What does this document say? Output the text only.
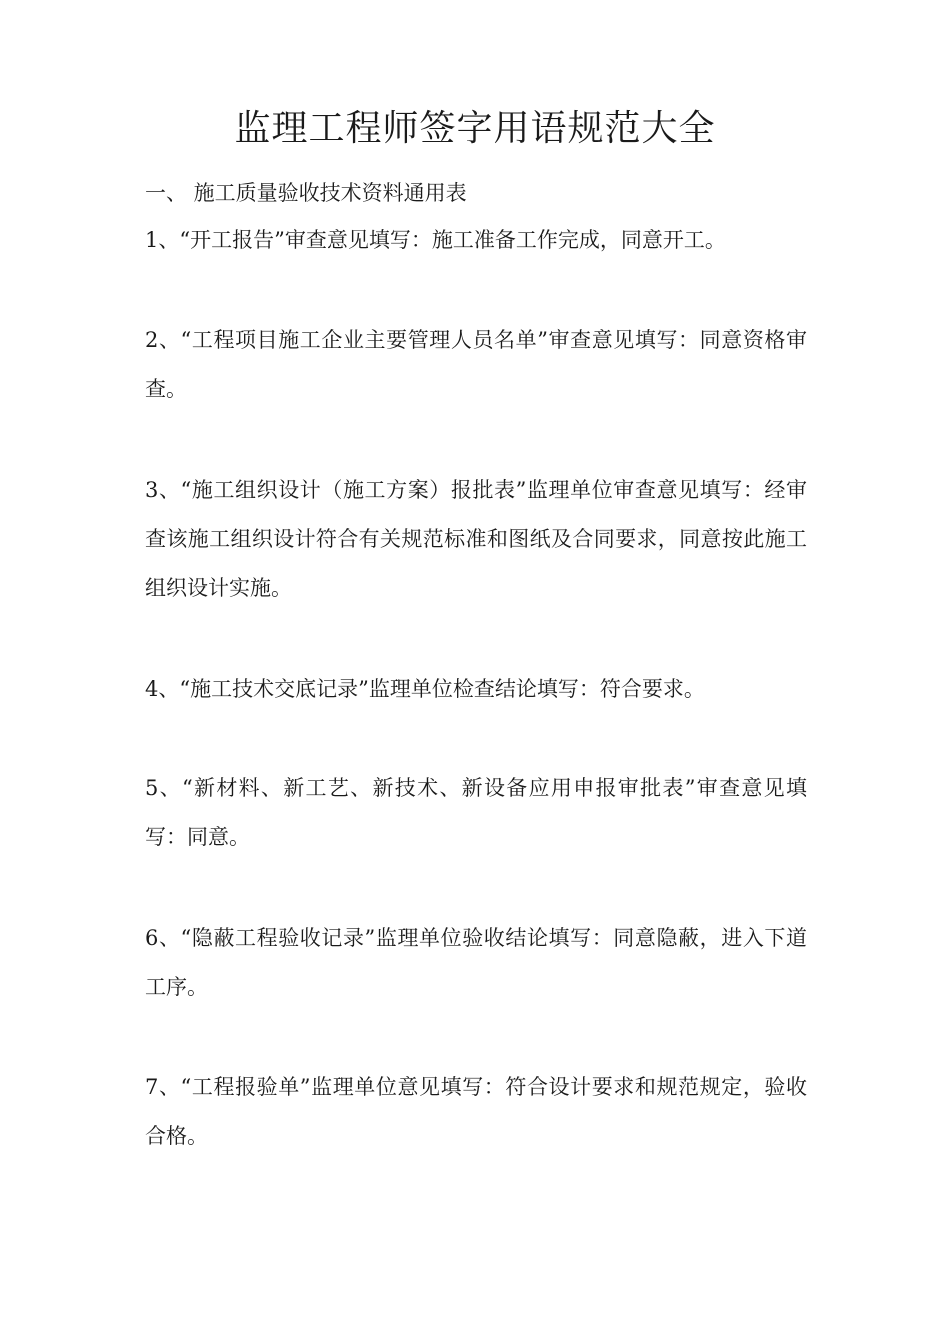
监理工程师签字用语规范大全

一、 施工质量验收技术资料通用表

1、“开工报告”审查意见填写：施工准备工作完成，同意开工。

2、“工程项目施工企业主要管理人员名单”审查意见填写：同意资格审查。

3、“施工组织设计（施工方案）报批表”监理单位审查意见填写：经审查该施工组织设计符合有关规范标准和图纸及合同要求，同意按此施工组织设计实施。

4、“施工技术交底记录”监理单位检查结论填写：符合要求。

5、“新材料、新工艺、新技术、新设备应用申报审批表”审查意见填写：同意。

6、“隐蔽工程验收记录”监理单位验收结论填写：同意隐蔽，进入下道工序。

7、“工程报验单”监理单位意见填写：符合设计要求和规范规定，验收合格。
